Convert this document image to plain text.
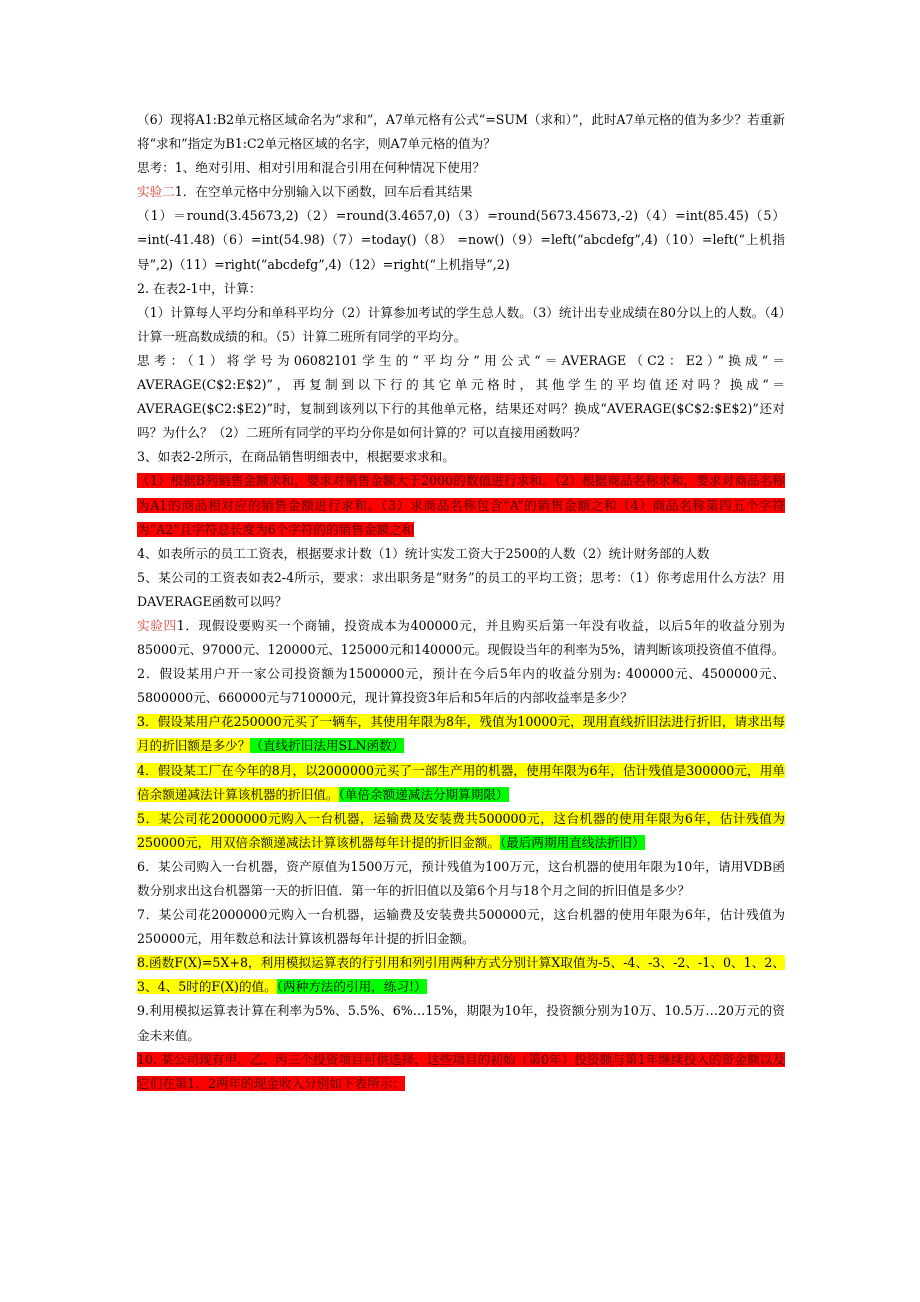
（6）现将A1:B2单元格区域命名为“求和”，A7单元格有公式“=SUM（求和）”，此时A7单元格的值为多少？若重新将“求和”指定为B1:C2单元格区域的名字，则A7单元格的值为？

思考：1、绝对引用、相对引用和混合引用在何种情况下使用？

实验二1．在空单元格中分别输入以下函数，回车后看其结果

（1）＝round(3.45673,2)（2）=round(3.4657,0)（3）=round(5673.45673,-2)（4）=int(85.45)（5）=int(-41.48)（6）=int(54.98)（7）=today()（8） =now()（9）=left(“abcdefg”,4)（10）=left(“上机指导”,2)（11）=right(“abcdefg”,4)（12）=right(“上机指导”,2)

2. 在表2-1中，计算：

（1）计算每人平均分和单科平均分（2）计算参加考试的学生总人数。（3）统计出专业成绩在80分以上的人数。（4）计算一班高数成绩的和。（5）计算二班所有同学的平均分。

思考：（1）将学号为06082101学生的“平均分”用公式“＝AVERAGE（C2：E2）”换成“＝AVERAGE(C$2:E$2)”，再复制到以下行的其它单元格时，其他学生的平均值还对吗？换成“＝AVERAGE($C2:$E2)”时，复制到该列以下行的其他单元格，结果还对吗？换成“AVERAGE($C$2:$E$2)”还对吗？为什么？（2）二班所有同学的平均分你是如何计算的？可以直接用函数吗？

3、如表2-2所示，在商品销售明细表中，根据要求求和。

（1）根据B列销售金额求和，要求对销售金额大于2000的数值进行求和。（2）根据商品名称求和，要求对商品名称为A1的商品相对应的销售金额进行求和。（3）求商品名称包含“A”的销售金额之和（4）商品名称第四五个字符为“A2”且字符总长度为6个字符的的销售金额之和

4、如表所示的员工工资表，根据要求计数（1）统计实发工资大于2500的人数（2）统计财务部的人数

5、某公司的工资表如表2-4所示，要求：求出职务是“财务”的员工的平均工资；思考：（1）你考虑用什么方法？用DAVERAGE函数可以吗？

实验四1．现假设要购买一个商铺，投资成本为400000元，并且购买后第一年没有收益，以后5年的收益分别为85000元、97000元、120000元、125000元和140000元。现假设当年的利率为5%，请判断该项投资值不值得。

2．假设某用户开一家公司投资额为1500000元，预计在今后5年内的收益分别为: 400000元、4500000元、5800000元、660000元与710000元，现计算投资3年后和5年后的内部收益率是多少？

3．假设某用户花250000元买了一辆车，其使用年限为8年，残值为10000元，现用直线折旧法进行折旧，请求出每月的折旧额是多少？（直线折旧法用SLN函数）

4．假设某工厂在今年的8月，以2000000元买了一部生产用的机器，使用年限为6年，估计残值是300000元，用单倍余额递减法计算该机器的折旧值。（单倍余额递减法分期算期限）

5．某公司花2000000元购入一台机器，运输费及安装费共500000元，这台机器的使用年限为6年，估计残值为250000元，用双倍余额递减法计算该机器每年计提的折旧金额。（最后两期用直线法折旧）

6．某公司购入一台机器，资产原值为1500万元，预计残值为100万元，这台机器的使用年限为10年，请用VDB函数分别求出这台机器第一天的折旧值．第一年的折旧值以及第6个月与18个月之间的折旧值是多少？

7．某公司花2000000元购入一台机器，运输费及安装费共500000元，这台机器的使用年限为6年，估计残值为250000元，用年数总和法计算该机器每年计提的折旧金额。

8.函数F(X)=5X+8，利用模拟运算表的行引用和列引用两种方式分别计算X取值为-5、-4、-3、-2、-1、0、1、2、3、4、5时的F(X)的值。（两种方法的引用，练习!）

9.利用模拟运算表计算在利率为5%、5.5%、6%…15%，期限为10年，投资额分别为10万、10.5万…20万元的资金未来值。

10. 某公司现有甲、乙、丙三个投资项目可供选择，这些项目的初始（第0年）投资额与第1年继续投入的资金额以及它们在第1、2两年的现金收入分别如下表所示：
